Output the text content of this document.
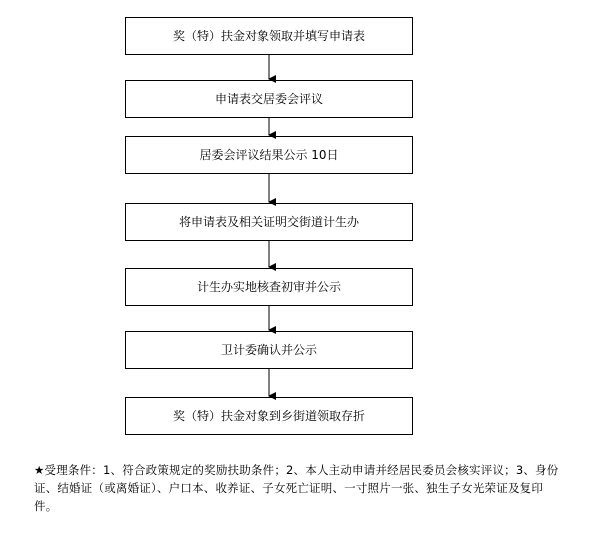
奖（特）扶金对象领取并填写申请表
申请表交居委会评议
居委会评议结果公示 10日
将申请表及相关证明交街道计生办
计生办实地核查初审并公示
卫计委确认并公示
奖（特）扶金对象到乡街道领取存折
★受理条件：1、符合政策规定的奖励扶助条件；2、本人主动申请并经居民委员会核实评议；3、身份证、结婚证（或离婚证）、户口本、收养证、子女死亡证明、一寸照片一张、独生子女光荣证及复印件。
